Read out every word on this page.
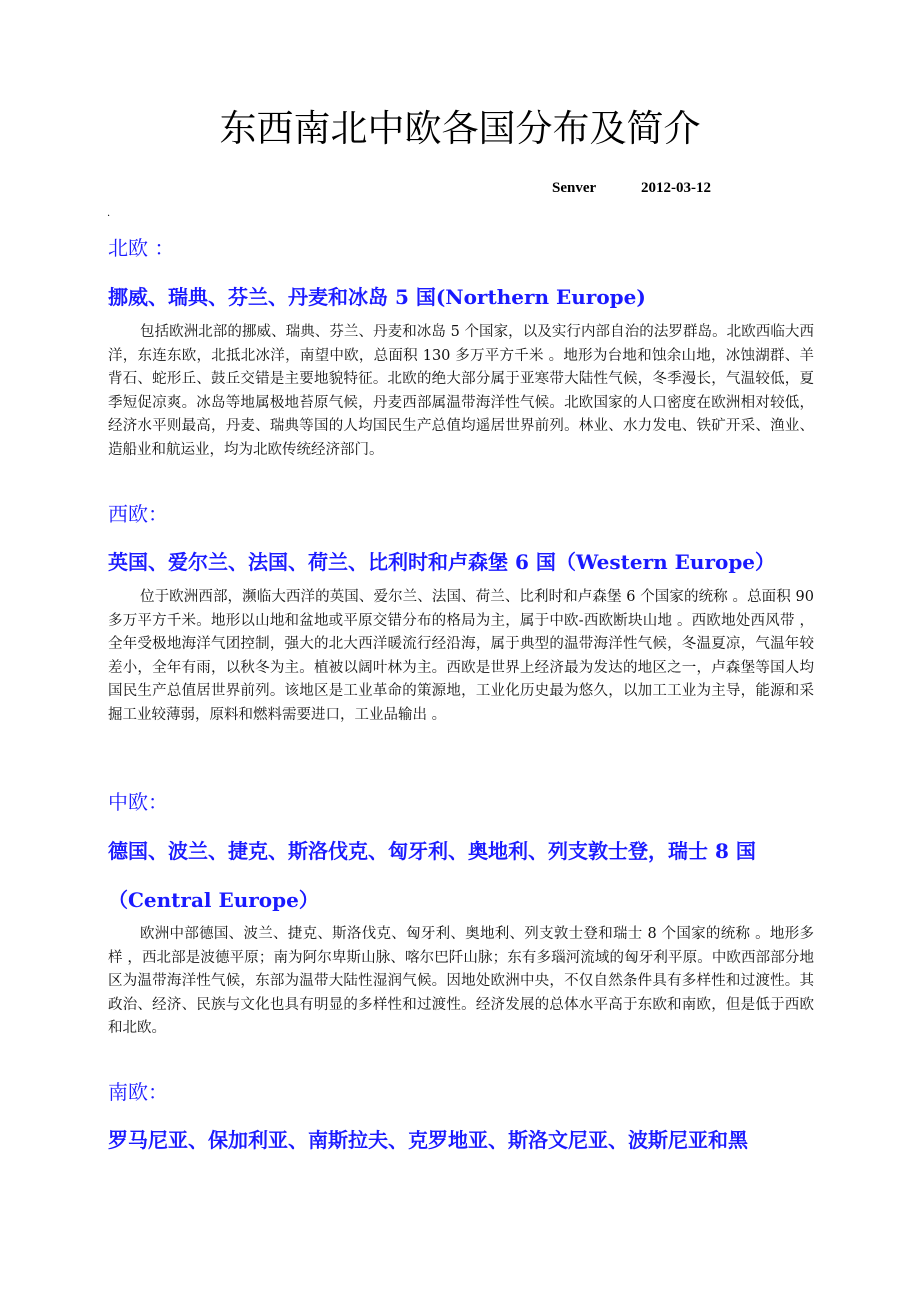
东西南北中欧各国分布及简介
Senver	2012-03-12
.
北欧 ：
挪威、瑞典、芬兰、丹麦和冰岛 5 国(Northern Europe)

包括欧洲北部的挪威、瑞典、芬兰、丹麦和冰岛 5 个国家，以及实行内部自治的法罗群岛。北欧西临大西洋，东连东欧，北抵北冰洋，南望中欧，总面积 130 多万平方千米 。地形为台地和蚀余山地，冰蚀湖群、羊背石、蛇形丘、鼓丘交错是主要地貌特征。北欧的绝大部分属于亚寒带大陆性气候，冬季漫长，气温较低，夏季短促凉爽。冰岛等地属极地苔原气候，丹麦西部属温带海洋性气候。北欧国家的人口密度在欧洲相对较低，经济水平则最高，丹麦、瑞典等国的人均国民生产总值均遥居世界前列。林业、水力发电、铁矿开采、渔业、造船业和航运业，均为北欧传统经济部门。

西欧：
英国、爱尔兰、法国、荷兰、比利时和卢森堡 6 国（Western Europe）

位于欧洲西部，濒临大西洋的英国、爱尔兰、法国、荷兰、比利时和卢森堡 6 个国家的统称 。总面积 90 多万平方千米。地形以山地和盆地或平原交错分布的格局为主，属于中欧-西欧断块山地 。西欧地处西风带 ，全年受极地海洋气团控制，强大的北大西洋暖流行经沿海，属于典型的温带海洋性气候，冬温夏凉，气温年较差小，全年有雨，以秋冬为主。植被以阔叶林为主。西欧是世界上经济最为发达的地区之一，卢森堡等国人均国民生产总值居世界前列。该地区是工业革命的策源地，工业化历史最为悠久，以加工工业为主导，能源和采掘工业较薄弱，原料和燃料需要进口，工业品输出 。

中欧：
德国、波兰、捷克、斯洛伐克、匈牙利、奥地利、列支敦士登，瑞士 8 国
（Central Europe）

欧洲中部德国、波兰、捷克、斯洛伐克、匈牙利、奥地利、列支敦士登和瑞士 8 个国家的统称 。地形多样 ，西北部是波德平原；南为阿尔卑斯山脉、喀尔巴阡山脉；东有多瑙河流域的匈牙利平原。中欧西部部分地区为温带海洋性气候，东部为温带大陆性湿润气候。因地处欧洲中央，不仅自然条件具有多样性和过渡性。其政治、经济、民族与文化也具有明显的多样性和过渡性。经济发展的总体水平高于东欧和南欧，但是低于西欧和北欧。

南欧：
罗马尼亚、保加利亚、南斯拉夫、克罗地亚、斯洛文尼亚、波斯尼亚和黑
